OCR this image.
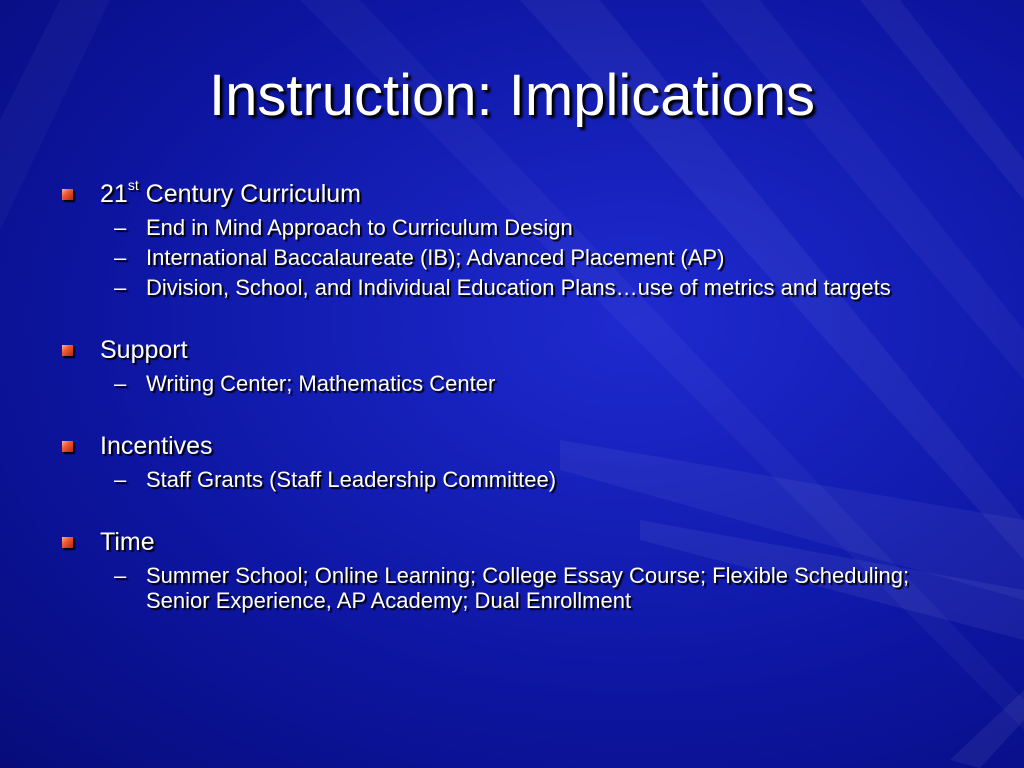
Instruction: Implications
21st Century Curriculum
– End in Mind Approach to Curriculum Design
– International Baccalaureate (IB); Advanced Placement (AP)
– Division, School, and Individual Education Plans…use of metrics and targets
Support
– Writing Center; Mathematics Center
Incentives
– Staff Grants (Staff Leadership Committee)
Time
– Summer School; Online Learning; College Essay Course; Flexible Scheduling; Senior Experience, AP Academy; Dual Enrollment
